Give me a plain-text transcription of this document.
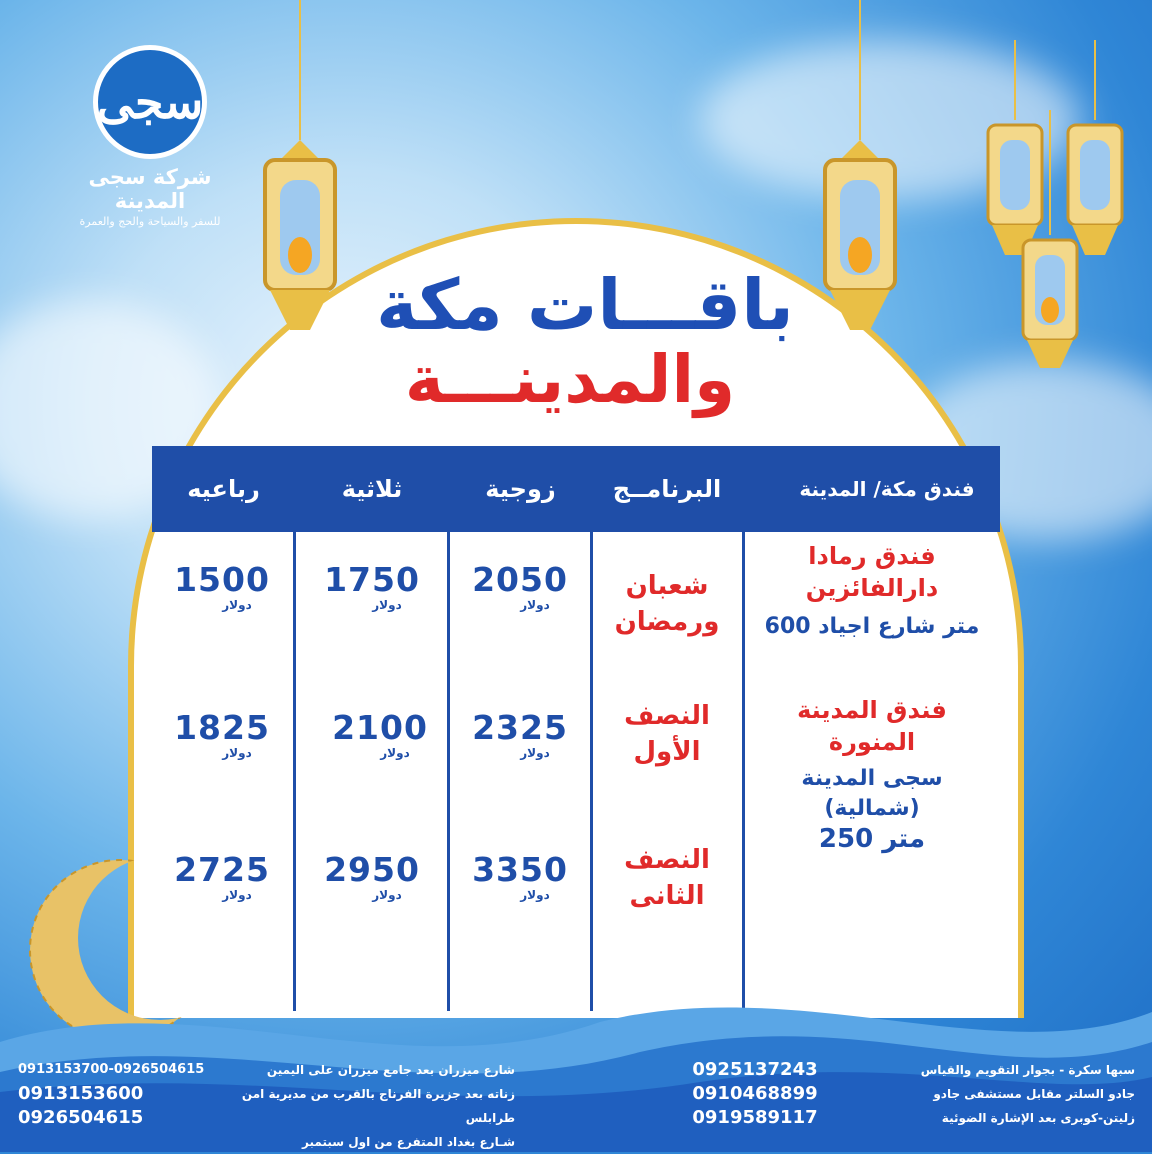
سجى
شركة سجى المدينة
للسفر والسياحة والحج والعمرة
باقـــات مكة
والمدينـــة
فندق مكة/ المدينة
البرنامــج
زوجية
ثلاثية
رباعيه
فندق رمادا دارالفائزين
600 متر شارع اجياد
فندق المدينة المنورة
سجى المدينة
(شمالية)
250 متر
شعبان ورمضان
2050
دولار
1750
دولار
1500
دولار
النصف الأول
2325
دولار
2100
دولار
1825
دولار
النصف الثانى
3350
دولار
2950
دولار
2725
دولار
سبها سكرة - بجوار التقويم والقياس
جادو السلتر مقابل مستشفى جادو
زليتن-كوبرى بعد الإشارة الضوئية
0925137243
0910468899
0919589117
شارع ميزران بعد جامع ميزران على اليمين
زناته بعد جزيرة الفرناج بالقرب من مديرية امن طرابلس
شـارع بغداد المتفرع من اول سبتمبر
0913153700-0926504615
0913153600
0926504615
